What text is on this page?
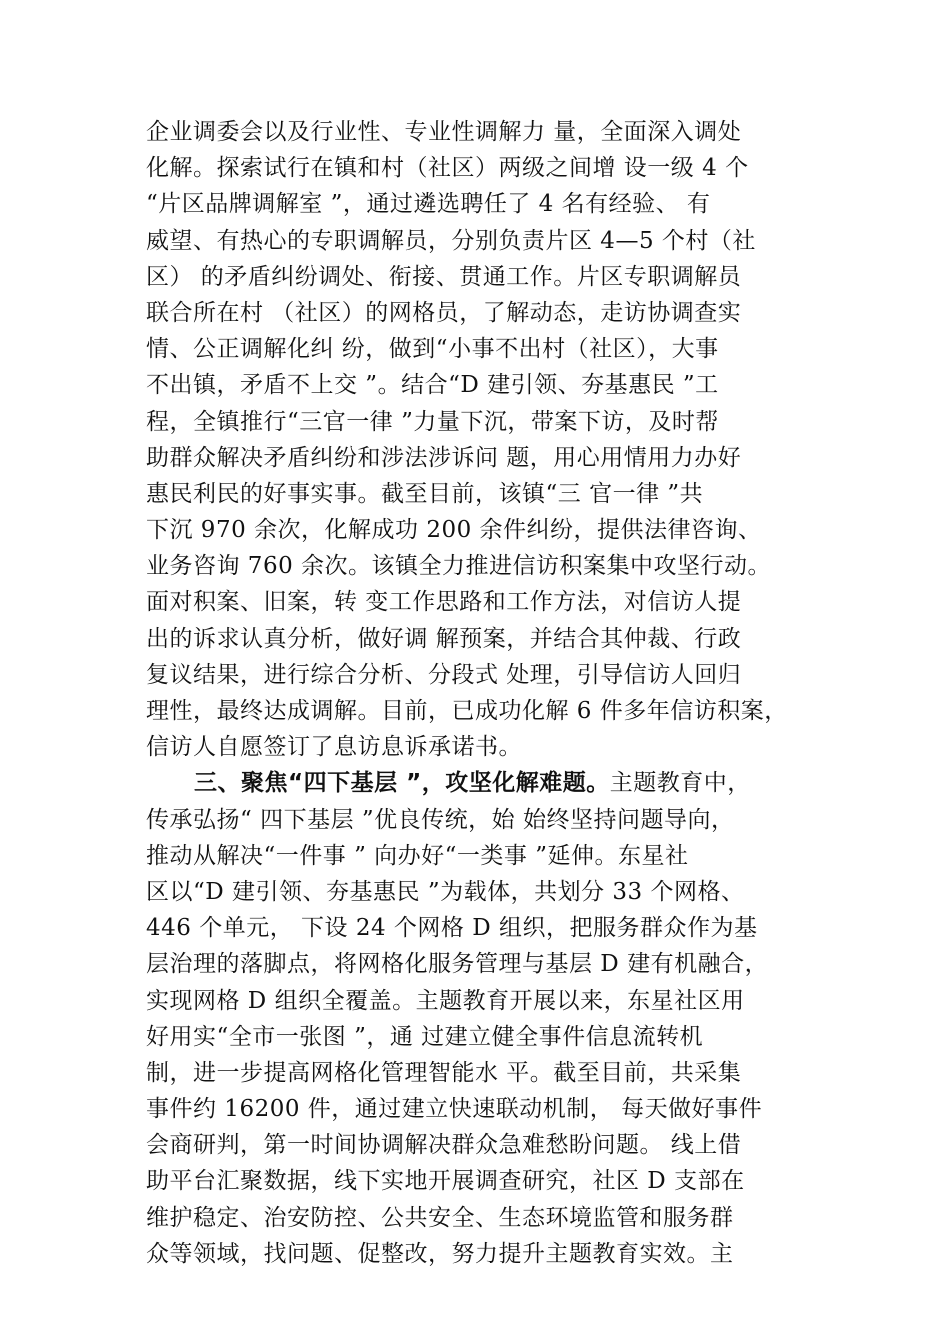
企业调委会以及行业性、专业性调解力 量，全面深入调处
化解。探索试行在镇和村（社区）两级之间增 设一级 4 个
“片区品牌调解室 ”，通过遴选聘任了 4 名有经验、 有
威望、有热心的专职调解员，分别负责片区 4—5 个村（社
区） 的矛盾纠纷调处、衔接、贯通工作。片区专职调解员
联合所在村 （社区）的网格员，了解动态，走访协调查实
情、公正调解化纠 纷，做到“小事不出村（社区），大事
不出镇，矛盾不上交 ”。结合“D 建引领、夯基惠民 ”工
程，全镇推行“三官一律 ”力量下沉，带案下访，及时帮
助群众解决矛盾纠纷和涉法涉诉问 题，用心用情用力办好
惠民利民的好事实事。截至目前，该镇“三 官一律 ”共
下沉 970 余次，化解成功 200 余件纠纷，提供法律咨询、
业务咨询 760 余次。该镇全力推进信访积案集中攻坚行动。
面对积案、旧案，转 变工作思路和工作方法，对信访人提
出的诉求认真分析，做好调 解预案，并结合其仲裁、行政
复议结果，进行综合分析、分段式 处理，引导信访人回归
理性，最终达成调解。目前，已成功化解 6 件多年信访积案，
信访人自愿签订了息访息诉承诺书。
三、聚焦“四下基层 ”，攻坚化解难题。主题教育中，
传承弘扬“ 四下基层 ”优良传统，始 始终坚持问题导向，
推动从解决“一件事 ” 向办好“一类事 ”延伸。东星社
区以“D 建引领、夯基惠民 ”为载体，共划分 33 个网格、
446 个单元， 下设 24 个网格 D 组织，把服务群众作为基
层治理的落脚点，将网格化服务管理与基层 D 建有机融合，
实现网格 D 组织全覆盖。主题教育开展以来，东星社区用
好用实“全市一张图 ”，通 过建立健全事件信息流转机
制，进一步提高网格化管理智能水 平。截至目前，共采集
事件约 16200 件，通过建立快速联动机制， 每天做好事件
会商研判，第一时间协调解决群众急难愁盼问题。 线上借
助平台汇聚数据，线下实地开展调查研究，社区 D 支部在
维护稳定、治安防控、公共安全、生态环境监管和服务群
众等领域，找问题、促整改，努力提升主题教育实效。主
